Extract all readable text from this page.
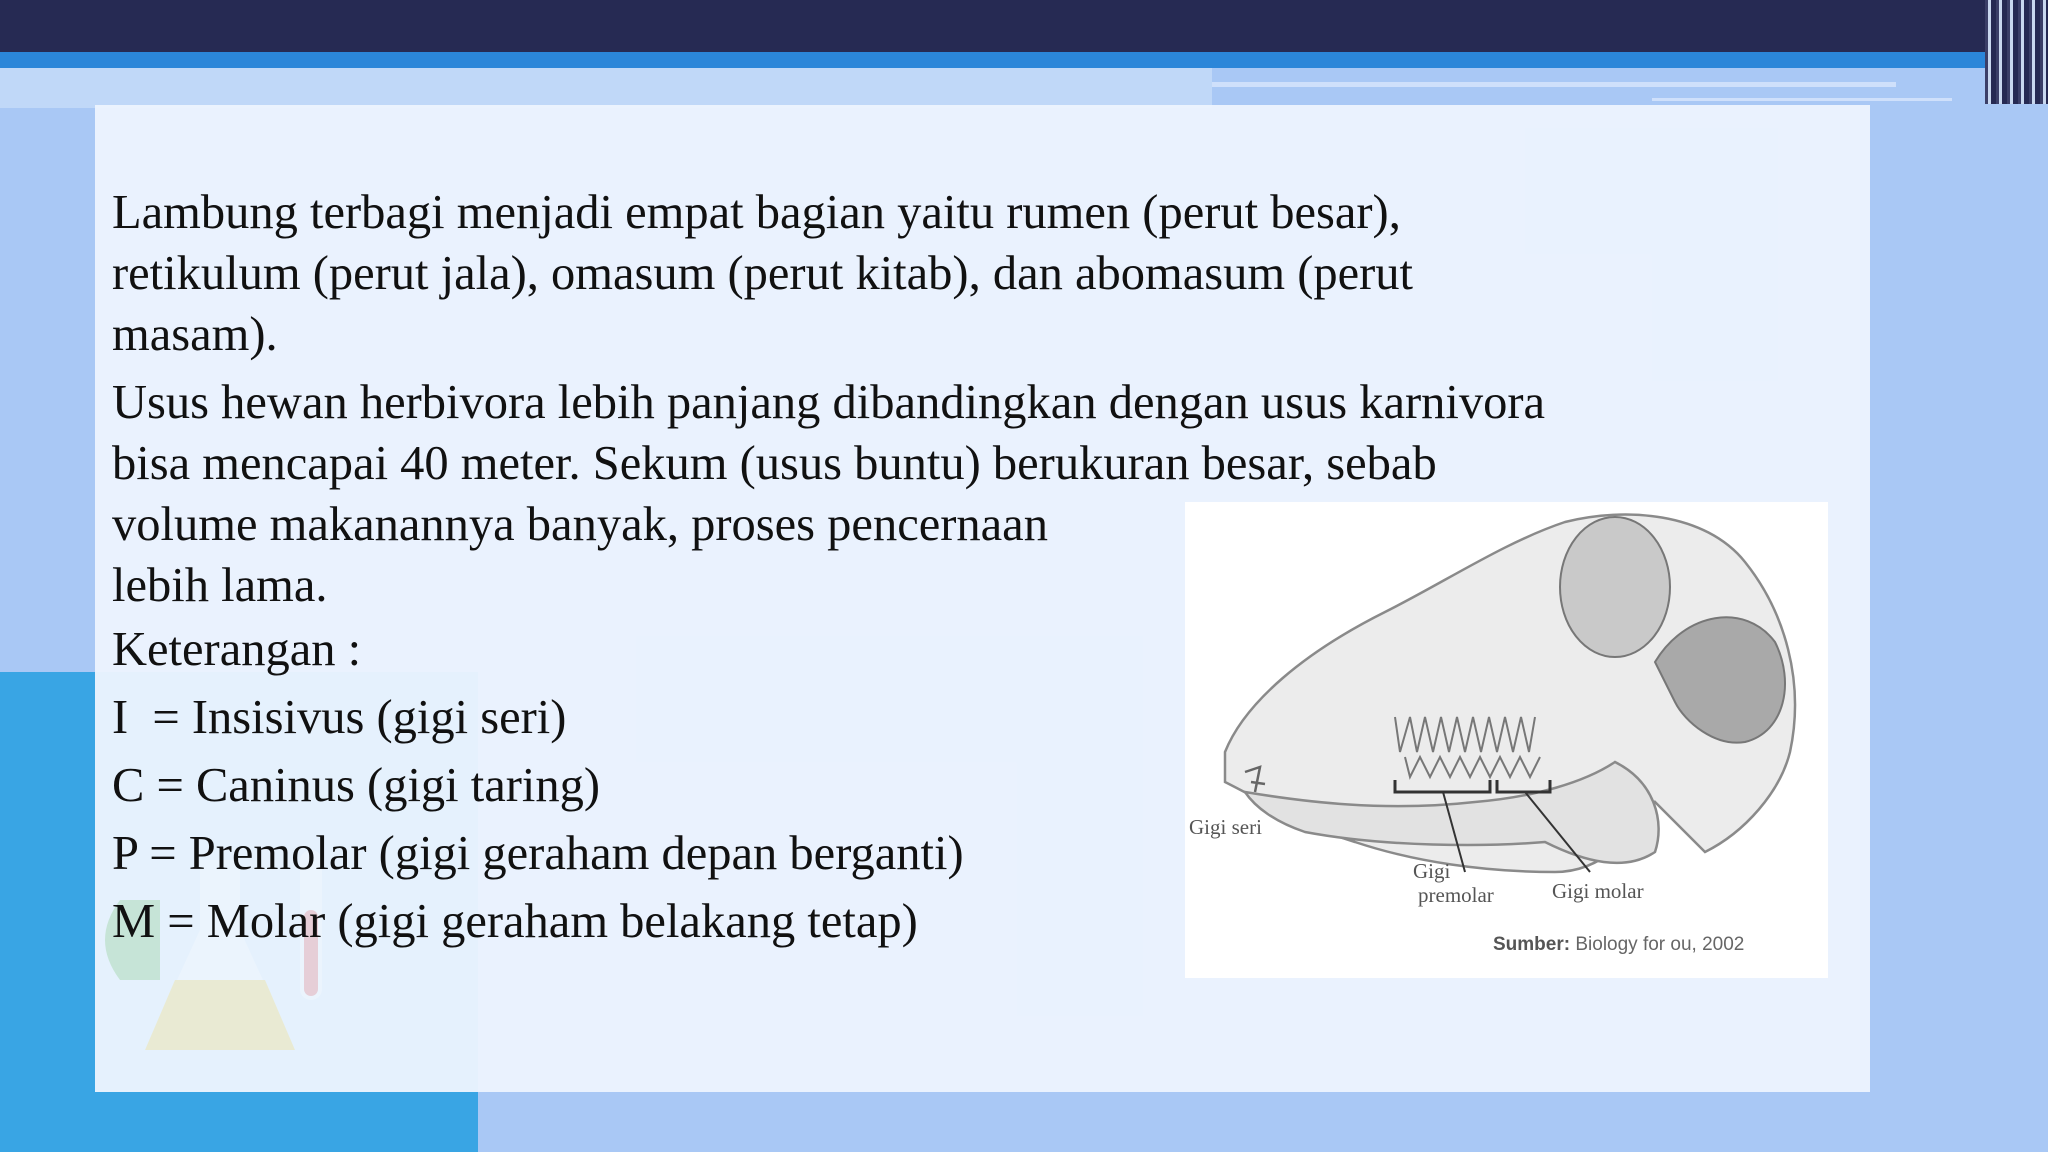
Lambung terbagi menjadi empat bagian yaitu rumen (perut besar),
retikulum (perut jala), omasum (perut kitab), dan abomasum (perut
masam).

Usus hewan herbivora lebih panjang dibandingkan dengan usus karnivora
bisa mencapai 40 meter. Sekum (usus buntu) berukuran besar, sebab
volume makanannya banyak, proses pencernaan
lebih lama.

Keterangan :

I  = Insisivus (gigi seri)

C = Caninus (gigi taring)

P = Premolar (gigi geraham depan berganti)

M = Molar (gigi geraham belakang tetap)

Gigi seri
Gigi
premolar	Gigi molar
Sumber: Biology for ou, 2002
